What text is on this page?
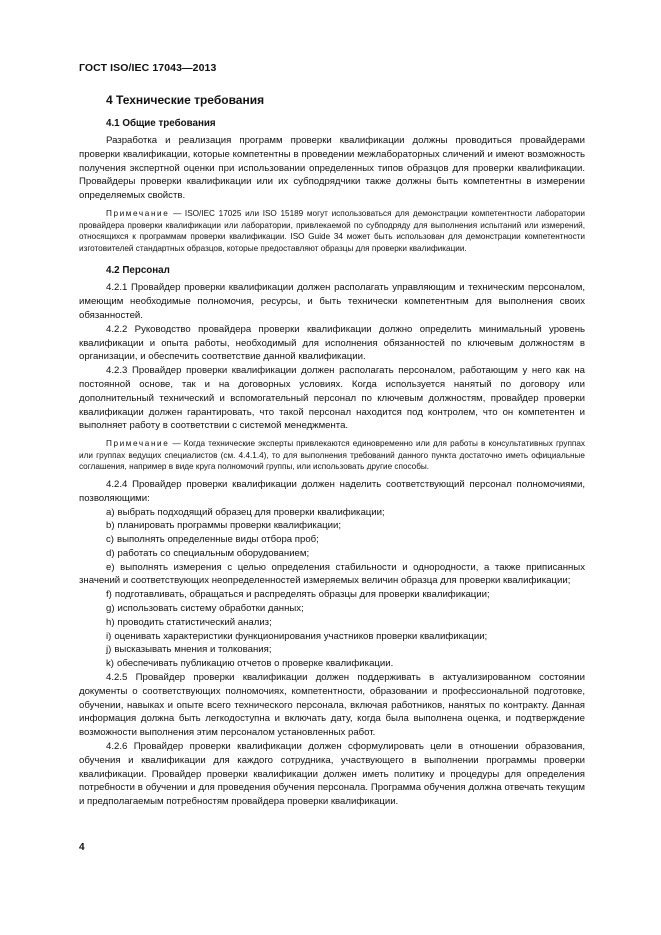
ГОСТ ISO/IEC 17043—2013
4 Технические требования
4.1 Общие требования

Разработка и реализация программ проверки квалификации должны проводиться провайдерами проверки квалификации, которые компетентны в проведении межлабораторных сличений и имеют возможность получения экспертной оценки при использовании определенных типов образцов для проверки квалификации. Провайдеры проверки квалификации или их субподрядчики также должны быть компетентны в измерении определяемых свойств.

Примечание — ISO/IEC 17025 или ISO 15189 могут использоваться для демонстрации компетентности лаборатории провайдера проверки квалификации или лаборатории, привлекаемой по субподряду для выполнения испытаний или измерений, относящихся к программам проверки квалификации. ISO Guide 34 может быть использован для демонстрации компетентности изготовителей стандартных образцов, которые предоставляют образцы для проверки квалификации.

4.2 Персонал

4.2.1 Провайдер проверки квалификации должен располагать управляющим и техническим персоналом, имеющим необходимые полномочия, ресурсы, и быть технически компетентным для выполнения своих обязанностей.

4.2.2 Руководство провайдера проверки квалификации должно определить минимальный уровень квалификации и опыта работы, необходимый для исполнения обязанностей по ключевым должностям в организации, и обеспечить соответствие данной квалификации.

4.2.3 Провайдер проверки квалификации должен располагать персоналом, работающим у него как на постоянной основе, так и на договорных условиях. Когда используется нанятый по договору или дополнительный технический и вспомогательный персонал по ключевым должностям, провайдер проверки квалификации должен гарантировать, что такой персонал находится под контролем, что он компетентен и выполняет работу в соответствии с системой менеджмента.

Примечание — Когда технические эксперты привлекаются единовременно или для работы в консультативных группах или группах ведущих специалистов (см. 4.4.1.4), то для выполнения требований данного пункта достаточно иметь официальные соглашения, например в виде круга полномочий группы, или использовать другие способы.

4.2.4 Провайдер проверки квалификации должен наделить соответствующий персонал полномочиями, позволяющими:

a) выбрать подходящий образец для проверки квалификации;

b) планировать программы проверки квалификации;

c) выполнять определенные виды отбора проб;

d) работать со специальным оборудованием;

e) выполнять измерения с целью определения стабильности и однородности, а также приписанных значений и соответствующих неопределенностей измеряемых величин образца для проверки квалификации;

f) подготавливать, обращаться и распределять образцы для проверки квалификации;

g) использовать систему обработки данных;

h) проводить статистический анализ;

i) оценивать характеристики функционирования участников проверки квалификации;

j) высказывать мнения и толкования;

k) обеспечивать публикацию отчетов о проверке квалификации.

4.2.5 Провайдер проверки квалификации должен поддерживать в актуализированном состоянии документы о соответствующих полномочиях, компетентности, образовании и профессиональной подготовке, обучении, навыках и опыте всего технического персонала, включая работников, нанятых по контракту. Данная информация должна быть легкодоступна и включать дату, когда была выполнена оценка, и подтверждение возможности выполнения этим персоналом установленных работ.

4.2.6 Провайдер проверки квалификации должен сформулировать цели в отношении образования, обучения и квалификации для каждого сотрудника, участвующего в выполнении программы проверки квалификации. Провайдер проверки квалификации должен иметь политику и процедуры для определения потребности в обучении и для проведения обучения персонала. Программа обучения должна отвечать текущим и предполагаемым потребностям провайдера проверки квалификации.

4
